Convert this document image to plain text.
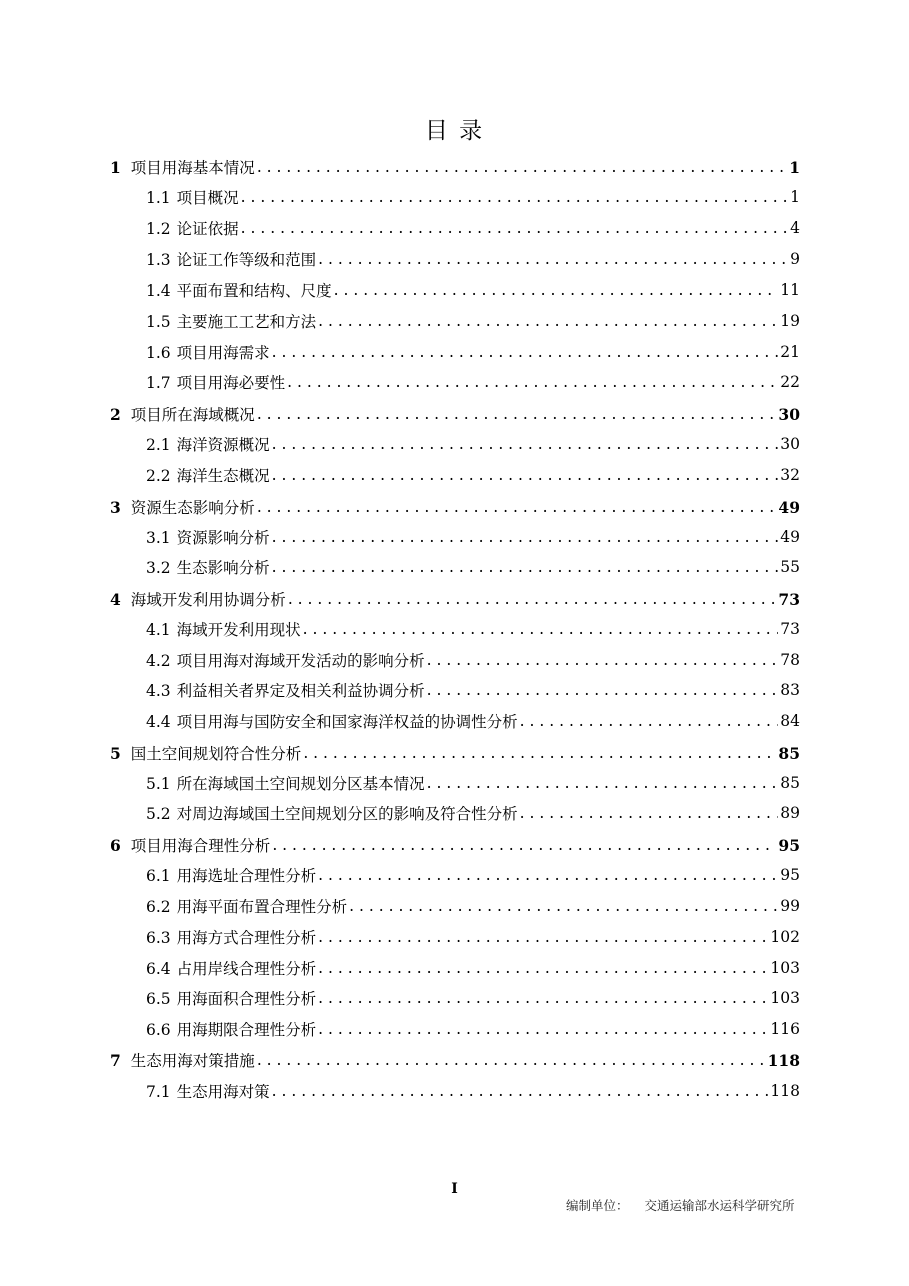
目 录
1 项目用海基本情况 . . .	1
1.1 项目概况 . . .	1
1.2 论证依据 . . .	4
1.3 论证工作等级和范围 . . .	9
1.4 平面布置和结构、尺度 . . .	11
1.5 主要施工工艺和方法 . . .	19
1.6 项目用海需求 . . .	21
1.7 项目用海必要性 . . .	22
2 项目所在海域概况 . . .	30
2.1 海洋资源概况 . . .	30
2.2 海洋生态概况 . . .	32
3 资源生态影响分析 . . .	49
3.1 资源影响分析 . . .	49
3.2 生态影响分析 . . .	55
4 海域开发利用协调分析 . . .	73
4.1 海域开发利用现状 . . .	73
4.2 项目用海对海域开发活动的影响分析 . . .	78
4.3 利益相关者界定及相关利益协调分析 . . .	83
4.4 项目用海与国防安全和国家海洋权益的协调性分析 . . .	84
5 国土空间规划符合性分析 . . .	85
5.1 所在海域国土空间规划分区基本情况 . . .	85
5.2 对周边海域国土空间规划分区的影响及符合性分析 . . .	89
6 项目用海合理性分析 . . .	95
6.1 用海选址合理性分析 . . .	95
6.2 用海平面布置合理性分析 . . .	99
6.3 用海方式合理性分析 . . .	102
6.4 占用岸线合理性分析 . . .	103
6.5 用海面积合理性分析 . . .	103
6.6 用海期限合理性分析 . . .	116
7 生态用海对策措施 . . .	118
7.1 生态用海对策 . . .	118
I
编制单位： 交通运输部水运科学研究所
